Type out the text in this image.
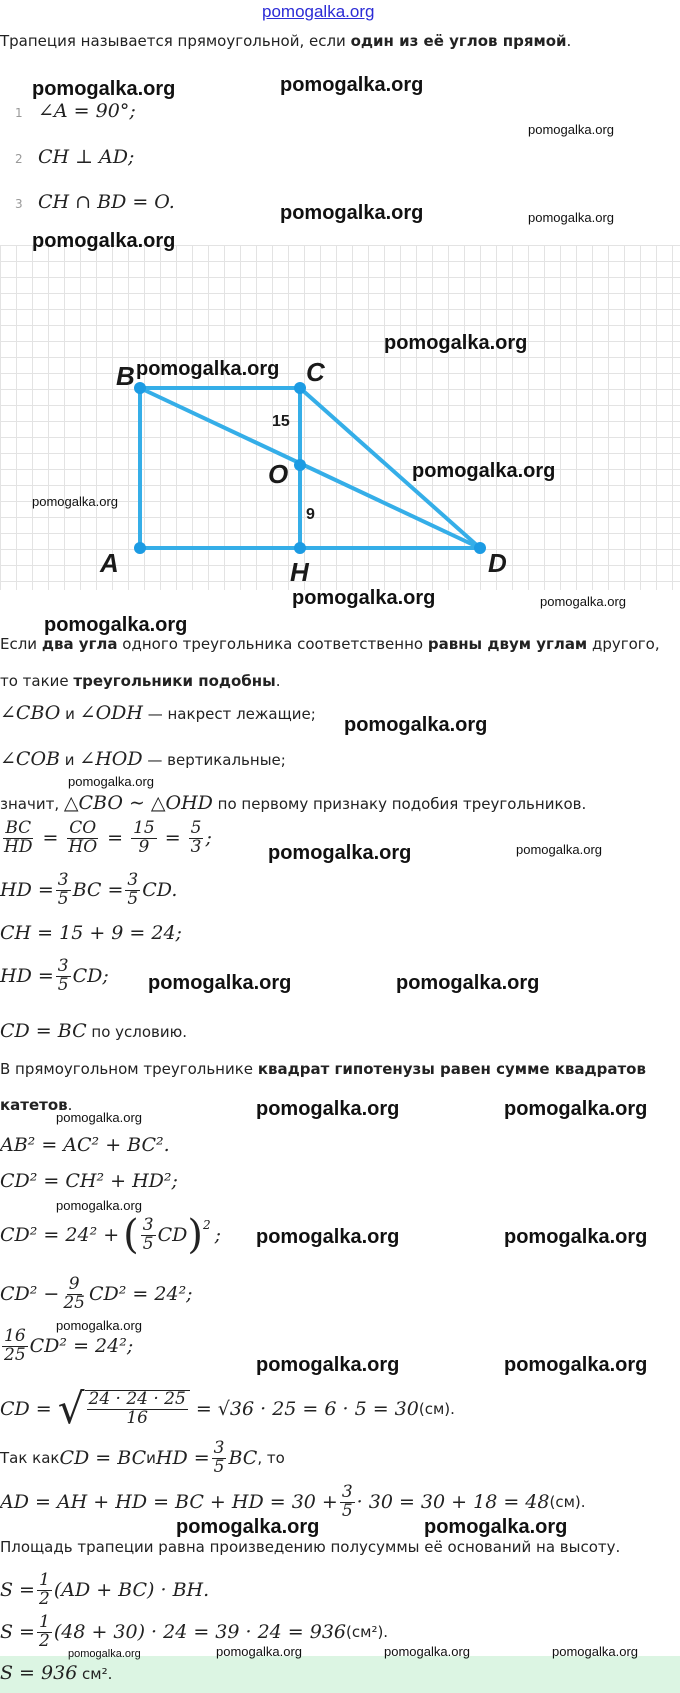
pomogalka.org
Трапеция называется прямоугольной, если один из её углов прямой.
1 ∠A = 90°;
2 CH ⊥ AD;
3 CH ∩ BD = O.
B	C
O
A	H	D
15
9
Если два угла одного треугольника соответственно равны двум углам другого,
то такие треугольники подобны.
∠CBO и ∠ODH — накрест лежащие;
∠COB и ∠HOD — вертикальные;
значит, △CBO ∼ △OHD по первому признаку подобия треугольников.
$\frac{BC}{HD} = \frac{CO}{HO} = \frac{15}{9} = \frac{5}{3}$ ;
HD = $\frac{3}{5}$ BC = $\frac{3}{5}$ CD.
CH = 15 + 9 = 24;
HD = $\frac{3}{5}$ CD;
CD = BC по условию.
В прямоугольном треугольнике квадрат гипотенузы равен сумме квадратов
катетов.
AB² = AC² + BC².
CD² = CH² + HD²;
CD² = 24² + ( $\frac{3}{5}$ CD )$^2$ ;
$CD^2 - \frac{9}{25} CD^2 = 24^2$;
$\frac{16}{25} CD^2 = 24^2$;
CD = √ $\frac{24 \cdot 24 \cdot 25}{16} = √36 \cdot 25 = 6 \cdot 5 = 30$ (см).
Так как CD = BC и HD = $\frac{3}{5}$ BC , то
AD = AH + HD = BC + HD = $30 + \frac{3}{5} \cdot 30 = 30 + 18 = 48$ (см).
Площадь трапеции равна произведению полусуммы её оснований на высоту.
$S = \frac{1}{2} (AD + BC)$ · BH.
$S = \frac{1}{2} (48 + 30) \cdot 24 = 39 \cdot 24 = 936$ (см²).
S = 936 см².
pomogalka.org	pomogalka.org
pomogalka.org
pomogalka.org	pomogalka.org
pomogalka.org
pomogalka.org
pomogalka.org
pomogalka.org
pomogalka.org
pomogalka.org	pomogalka.org
pomogalka.org
pomogalka.org
pomogalka.org
pomogalka.org	pomogalka.org
pomogalka.org	pomogalka.org
pomogalka.org	pomogalka.org
pomogalka.org
pomogalka.org
pomogalka.org	pomogalka.org
pomogalka.org
pomogalka.org	pomogalka.org
pomogalka.org	pomogalka.org
pomogalka.org	pomogalka.org	pomogalka.org
pomogalka.org
